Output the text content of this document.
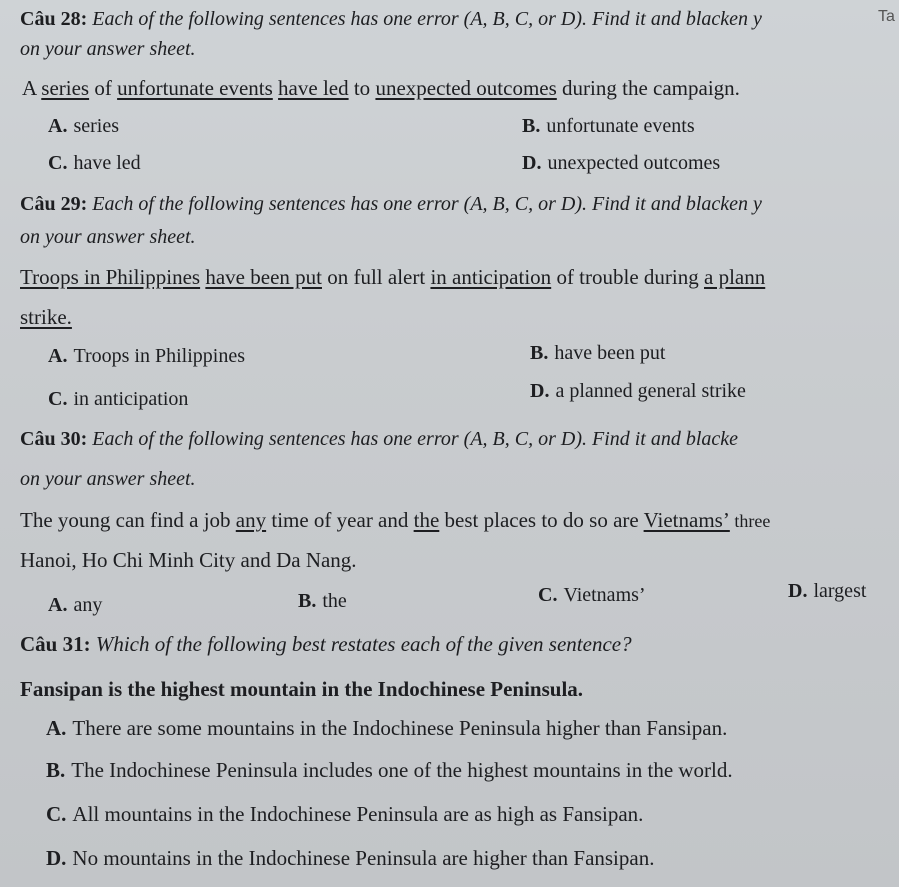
Câu 28: Each of the following sentences has one error (A, B, C, or D). Find it and blacken y
on your answer sheet.
Ta
A series of unfortunate events have led to unexpected outcomes during the campaign.
A. series	B. unfortunate events
C. have led	D. unexpected outcomes
Câu 29: Each of the following sentences has one error (A, B, C, or D). Find it and blacken y
on your answer sheet.
Troops in Philippines have been put on full alert in anticipation of trouble during a plann
strike.
A. Troops in Philippines	B. have been put
C. in anticipation	D. a planned general strike
Câu 30: Each of the following sentences has one error (A, B, C, or D). Find it and blacke
on your answer sheet.
The young can find a job any time of year and the best places to do so are Vietnams’ three
Hanoi, Ho Chi Minh City and Da Nang.
A. any	B. the	C. Vietnams’	D. largest
Câu 31: Which of the following best restates each of the given sentence?
Fansipan is the highest mountain in the Indochinese Peninsula.
A. There are some mountains in the Indochinese Peninsula higher than Fansipan.
B. The Indochinese Peninsula includes one of the highest mountains in the world.
C. All mountains in the Indochinese Peninsula are as high as Fansipan.
D. No mountains in the Indochinese Peninsula are higher than Fansipan.
